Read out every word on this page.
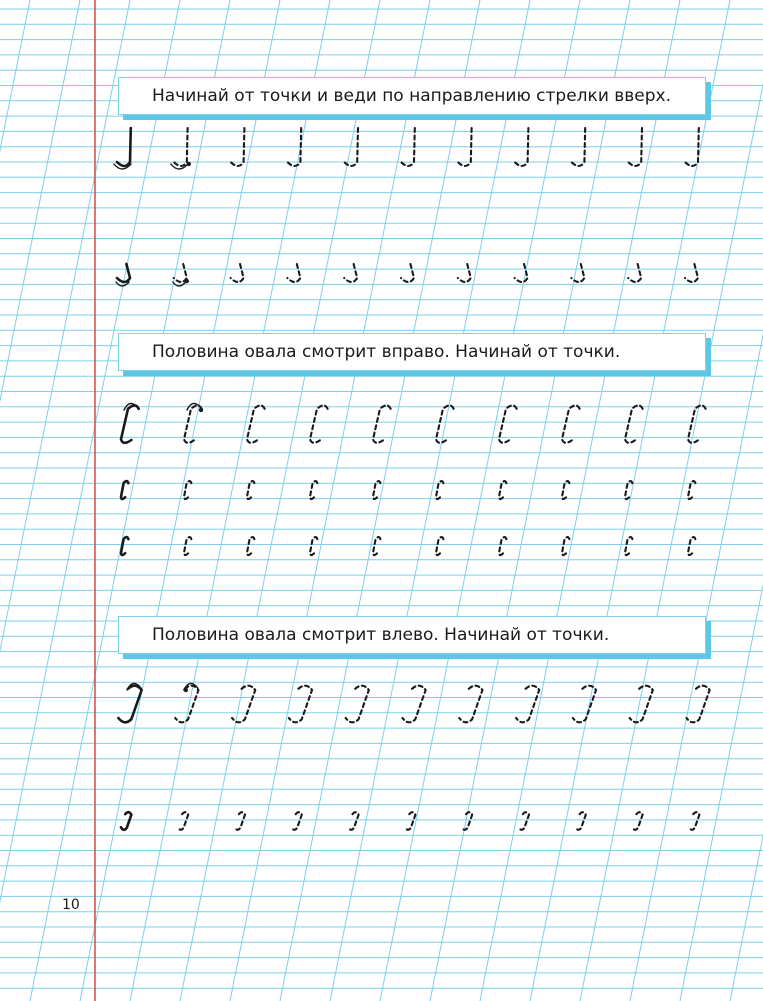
Начинай от точки и веди по направлению стрелки вверх.
Половина овала смотрит вправо. Начинай от точки.
Половина овала смотрит влево. Начинай от точки.
10
